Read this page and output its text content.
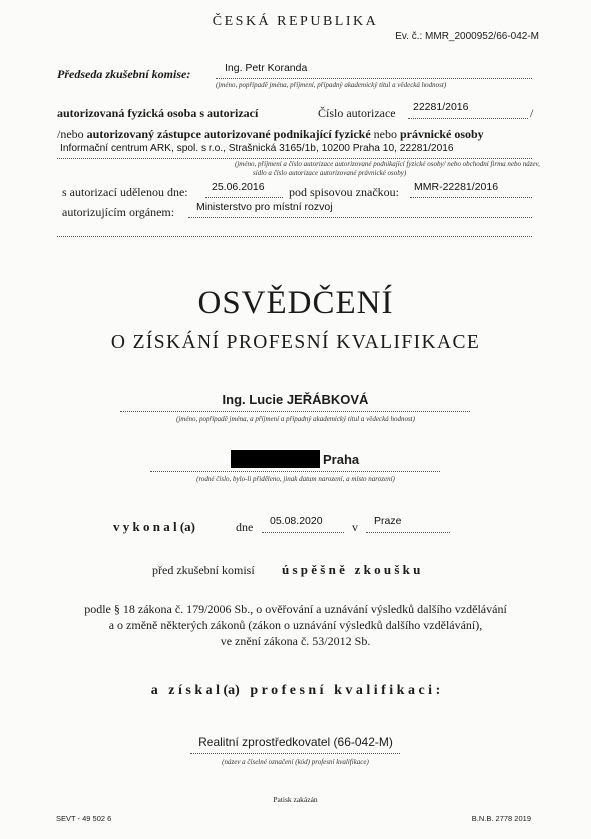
ČESKÁ REPUBLIKA
Ev. č.: MMR_2000952/66-042-M
Předseda zkušební komise:	Ing. Petr Koranda
(jméno, popřípadě jména, příjmení, případný akademický titul a vědecká hodnost)
autorizovaná fyzická osoba s autorizací	Číslo autorizace 22281/2016	/
/nebo autorizovaný zástupce autorizované podnikající fyzické nebo právnické osoby
Informační centrum ARK, spol. s r.o., Strašnická 3165/1b, 10200 Praha 10, 22281/2016
(jméno, příjmení a číslo autorizace autorizované podnikající fyzické osoby/ nebo obchodní firma nebo název,
sídlo a číslo autorizace autorizované právnické osoby)
s autorizací udělenou dne: 25.06.2016 pod spisovou značkou: MMR-22281/2016
autorizujícím orgánem: Ministerstvo pro místní rozvoj
OSVĚDČENÍ
O ZÍSKÁNÍ PROFESNÍ KVALIFIKACE
Ing. Lucie JEŘÁBKOVÁ
(jméno, popřípadě jména, a příjmení a případný akademický titul a vědecká hodnost)
Praha
(rodné číslo, bylo-li přiděleno, jinak datum narození, a místo narození)
v y k o n a l (a)	dne 05.08.2020 v Praze
před zkušební komisí ú s p ě š n ě   z k o u š k u
podle § 18 zákona č. 179/2006 Sb., o ověřování a uznávání výsledků dalšího vzdělávání
a o změně některých zákonů (zákon o uznávání výsledků dalšího vzdělávání),
ve znění zákona č. 53/2012 Sb.
a   z í s k a l (a)   p r o f e s n í   k v a l i f i k a c i :
Realitní zprostředkovatel (66-042-M)
(název a číselné označení (kód) profesní kvalifikace)
Patisk zakázán
SEVT - 49 502 6	B.N.B. 2778 2019
